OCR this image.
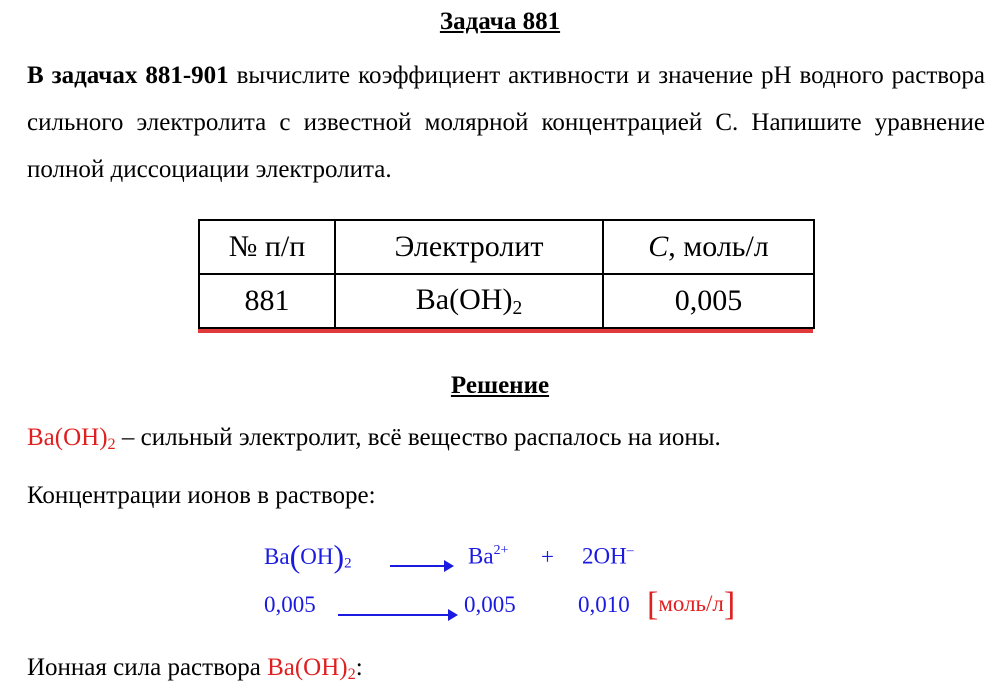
Задача 881
В задачах 881-901 вычислите коэффициент активности и значение pH водного раствора сильного электролита с известной молярной концентрацией C. Напишите уравнение полной диссоциации электролита.
№ п/п	Электролит	C, моль/л
881	$Ba(OH)_2$	0,005
Решение
$Ba(OH)_2$ – сильный электролит, всё вещество распалось на ионы.
Концентрации ионов в растворе:
$Ba(OH)_2 \to Ba^{2+} + 2OH^-$
0,005	0,005	0,010 [моль/л]
Ионная сила раствора $Ba(OH)_2$:
